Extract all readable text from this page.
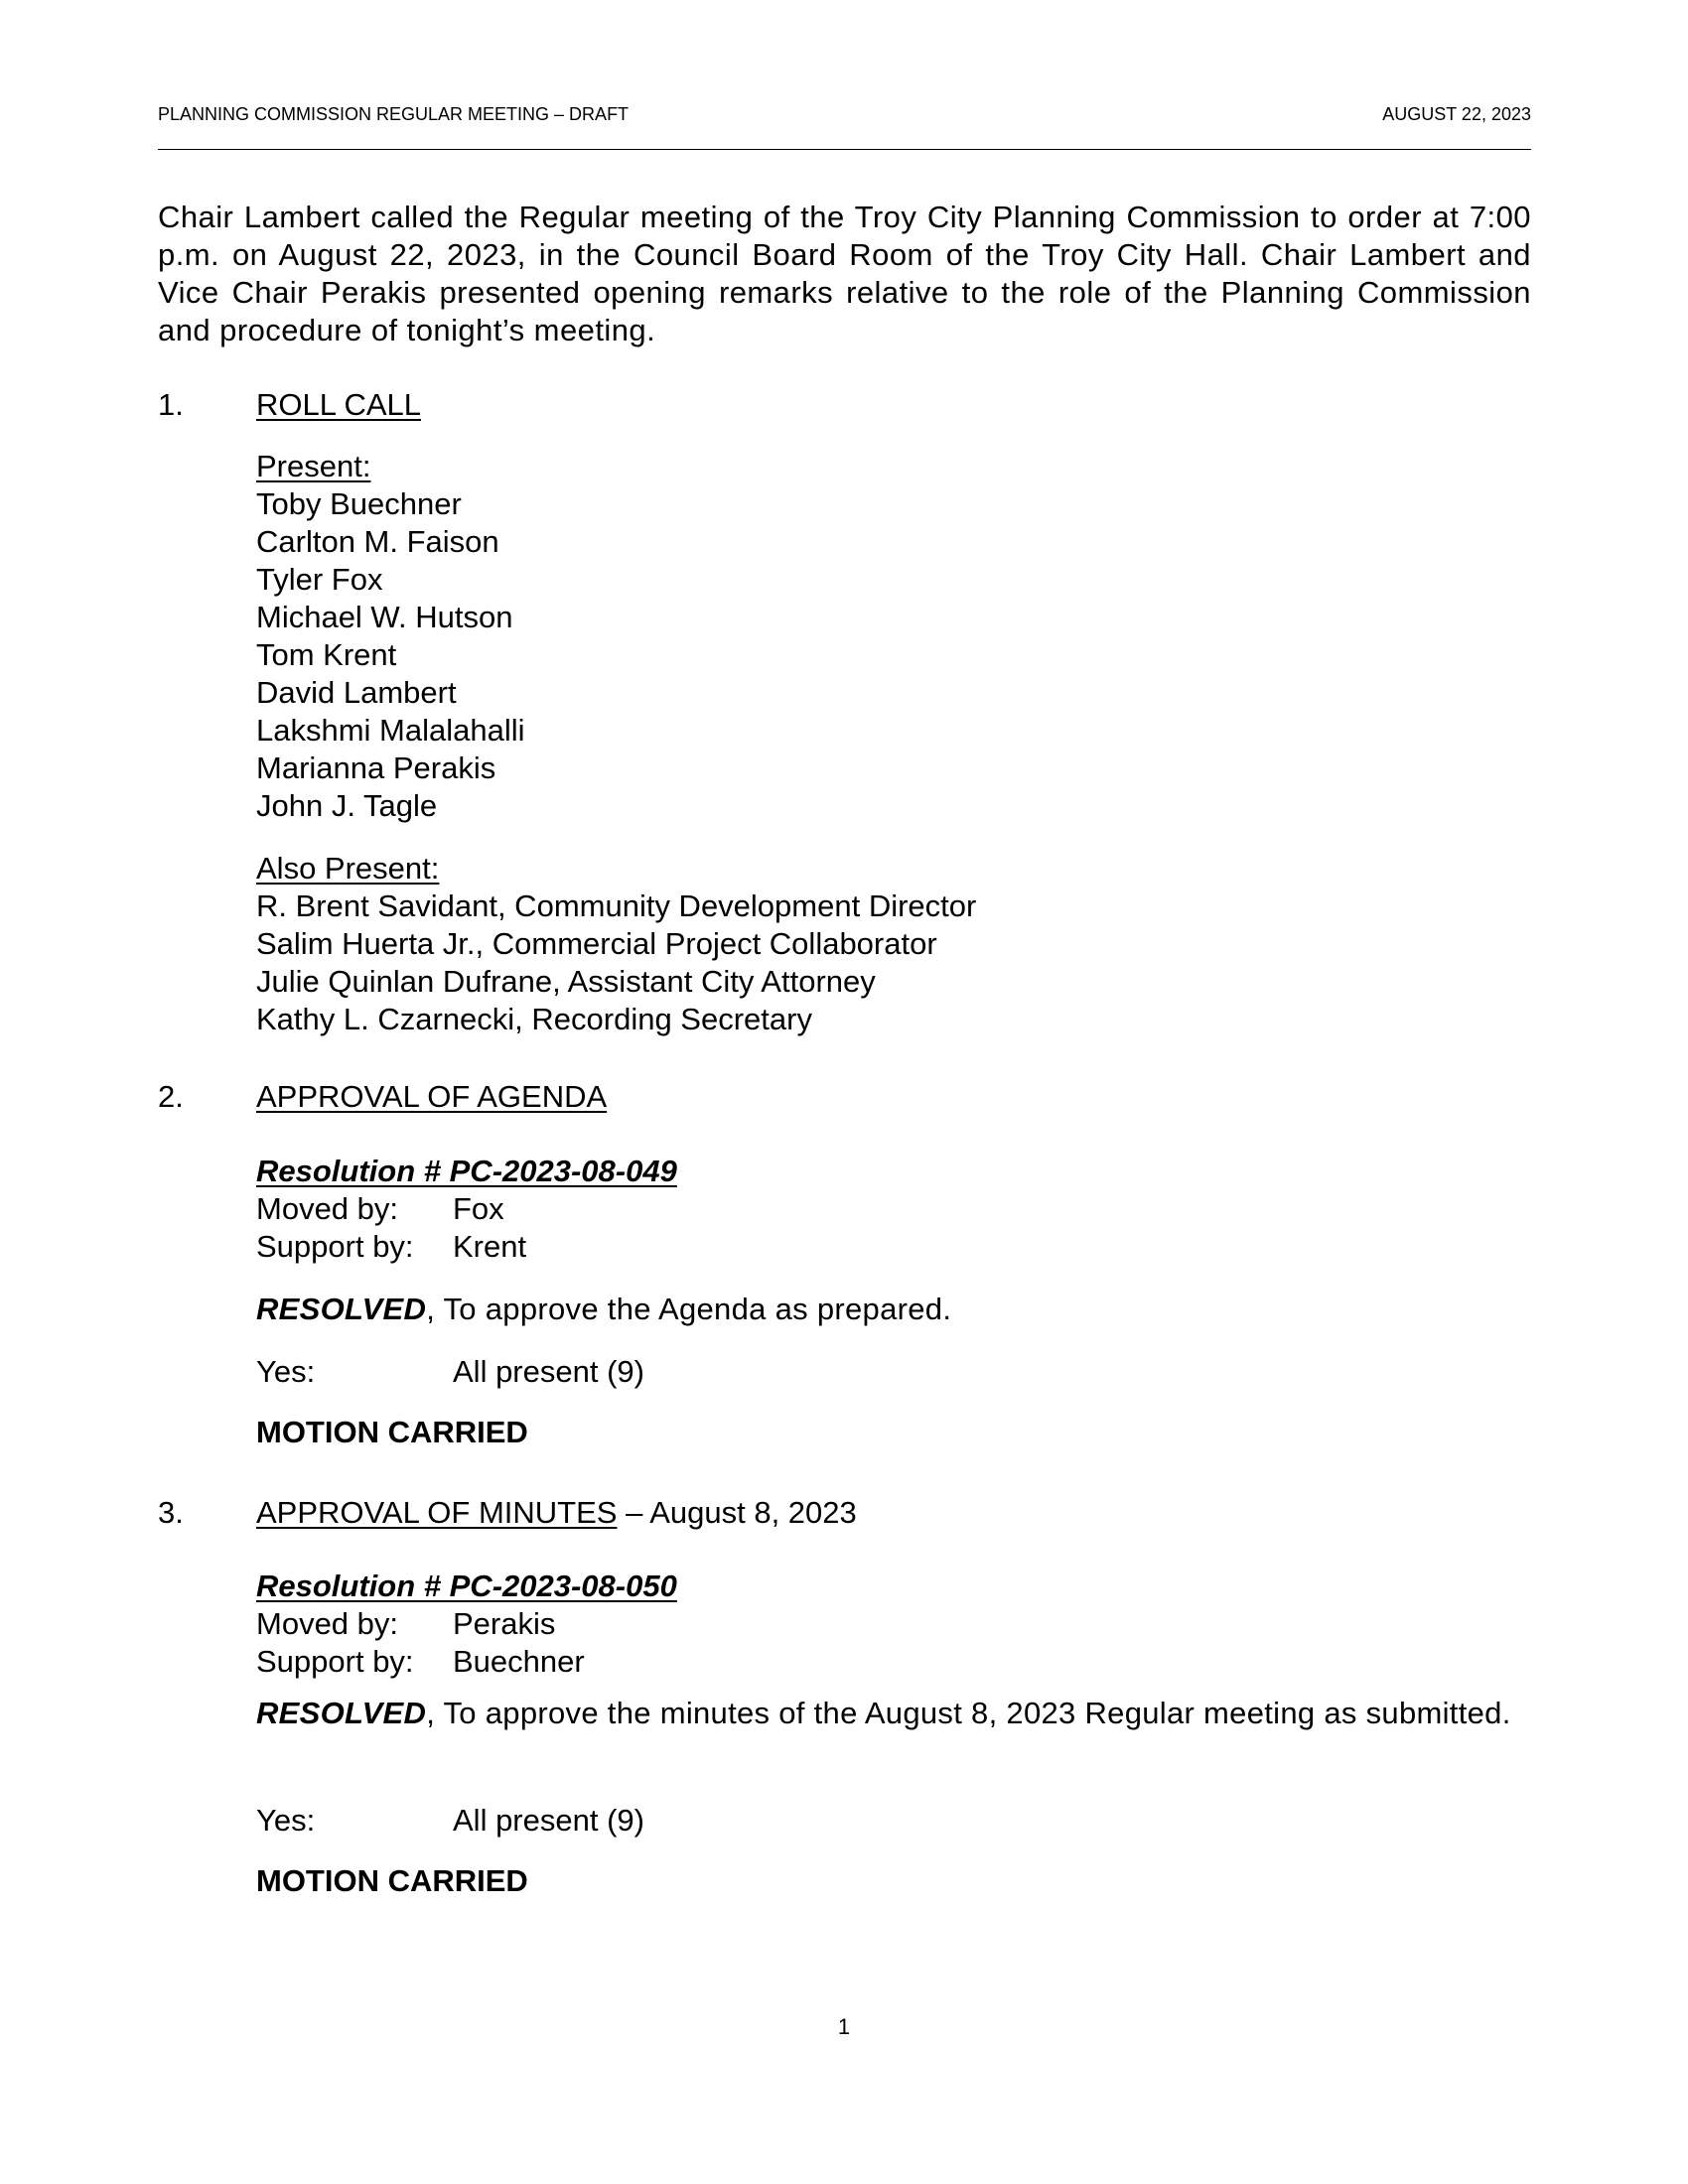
PLANNING COMMISSION REGULAR MEETING – DRAFT	AUGUST 22, 2023
Chair Lambert called the Regular meeting of the Troy City Planning Commission to order at 7:00 p.m. on August 22, 2023, in the Council Board Room of the Troy City Hall. Chair Lambert and Vice Chair Perakis presented opening remarks relative to the role of the Planning Commission and procedure of tonight’s meeting.
1. ROLL CALL
Present:
Toby Buechner
Carlton M. Faison
Tyler Fox
Michael W. Hutson
Tom Krent
David Lambert
Lakshmi Malalahalli
Marianna Perakis
John J. Tagle
Also Present:
R. Brent Savidant, Community Development Director
Salim Huerta Jr., Commercial Project Collaborator
Julie Quinlan Dufrane, Assistant City Attorney
Kathy L. Czarnecki, Recording Secretary
2. APPROVAL OF AGENDA
Resolution # PC-2023-08-049
Moved by: Fox
Support by: Krent
RESOLVED, To approve the Agenda as prepared.
Yes:	All present (9)
MOTION CARRIED
3. APPROVAL OF MINUTES – August 8, 2023
Resolution # PC-2023-08-050
Moved by: Perakis
Support by: Buechner
RESOLVED, To approve the minutes of the August 8, 2023 Regular meeting as submitted.
Yes:	All present (9)
MOTION CARRIED
1
